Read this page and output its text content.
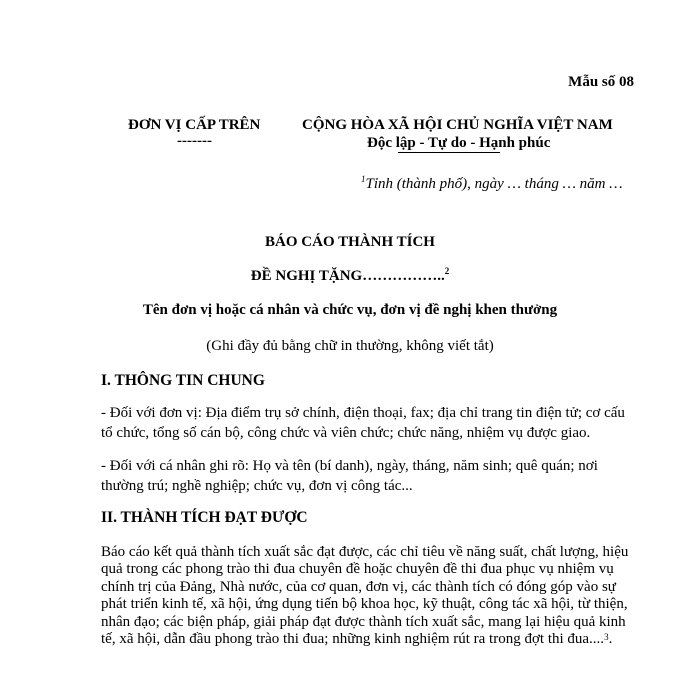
Mẫu số 08
ĐƠN VỊ CẤP TRÊN
-------
CỘNG HÒA XÃ HỘI CHỦ NGHĨA VIỆT NAM
Độc lập - Tự do - Hạnh phúc
$^1$Tỉnh (thành phố), ngày … tháng … năm …
BÁO CÁO THÀNH TÍCH
ĐỀ NGHỊ TẶNG……………..$^2$
Tên đơn vị hoặc cá nhân và chức vụ, đơn vị đề nghị khen thưởng
(Ghi đầy đủ bằng chữ in thường, không viết tắt)
I. THÔNG TIN CHUNG
- Đối với đơn vị: Địa điểm trụ sở chính, điện thoại, fax; địa chỉ trang tin điện tử; cơ cấu tổ chức, tổng số cán bộ, công chức và viên chức; chức năng, nhiệm vụ được giao.
- Đối với cá nhân ghi rõ: Họ và tên (bí danh), ngày, tháng, năm sinh; quê quán; nơi thường trú; nghề nghiệp; chức vụ, đơn vị công tác...
II. THÀNH TÍCH ĐẠT ĐƯỢC
Báo cáo kết quả thành tích xuất sắc đạt được, các chỉ tiêu về năng suất, chất lượng, hiệu quả trong các phong trào thi đua chuyên đề hoặc chuyên đề thi đua phục vụ nhiệm vụ chính trị của Đảng, Nhà nước, của cơ quan, đơn vị, các thành tích có đóng góp vào sự phát triển kinh tế, xã hội, ứng dụng tiến bộ khoa học, kỹ thuật, công tác xã hội, từ thiện, nhân đạo; các biện pháp, giải pháp đạt được thành tích xuất sắc, mang lại hiệu quả kinh tế, xã hội, dẫn đầu phong trào thi đua; những kinh nghiệm rút ra trong đợt thi đua....$^3$.
